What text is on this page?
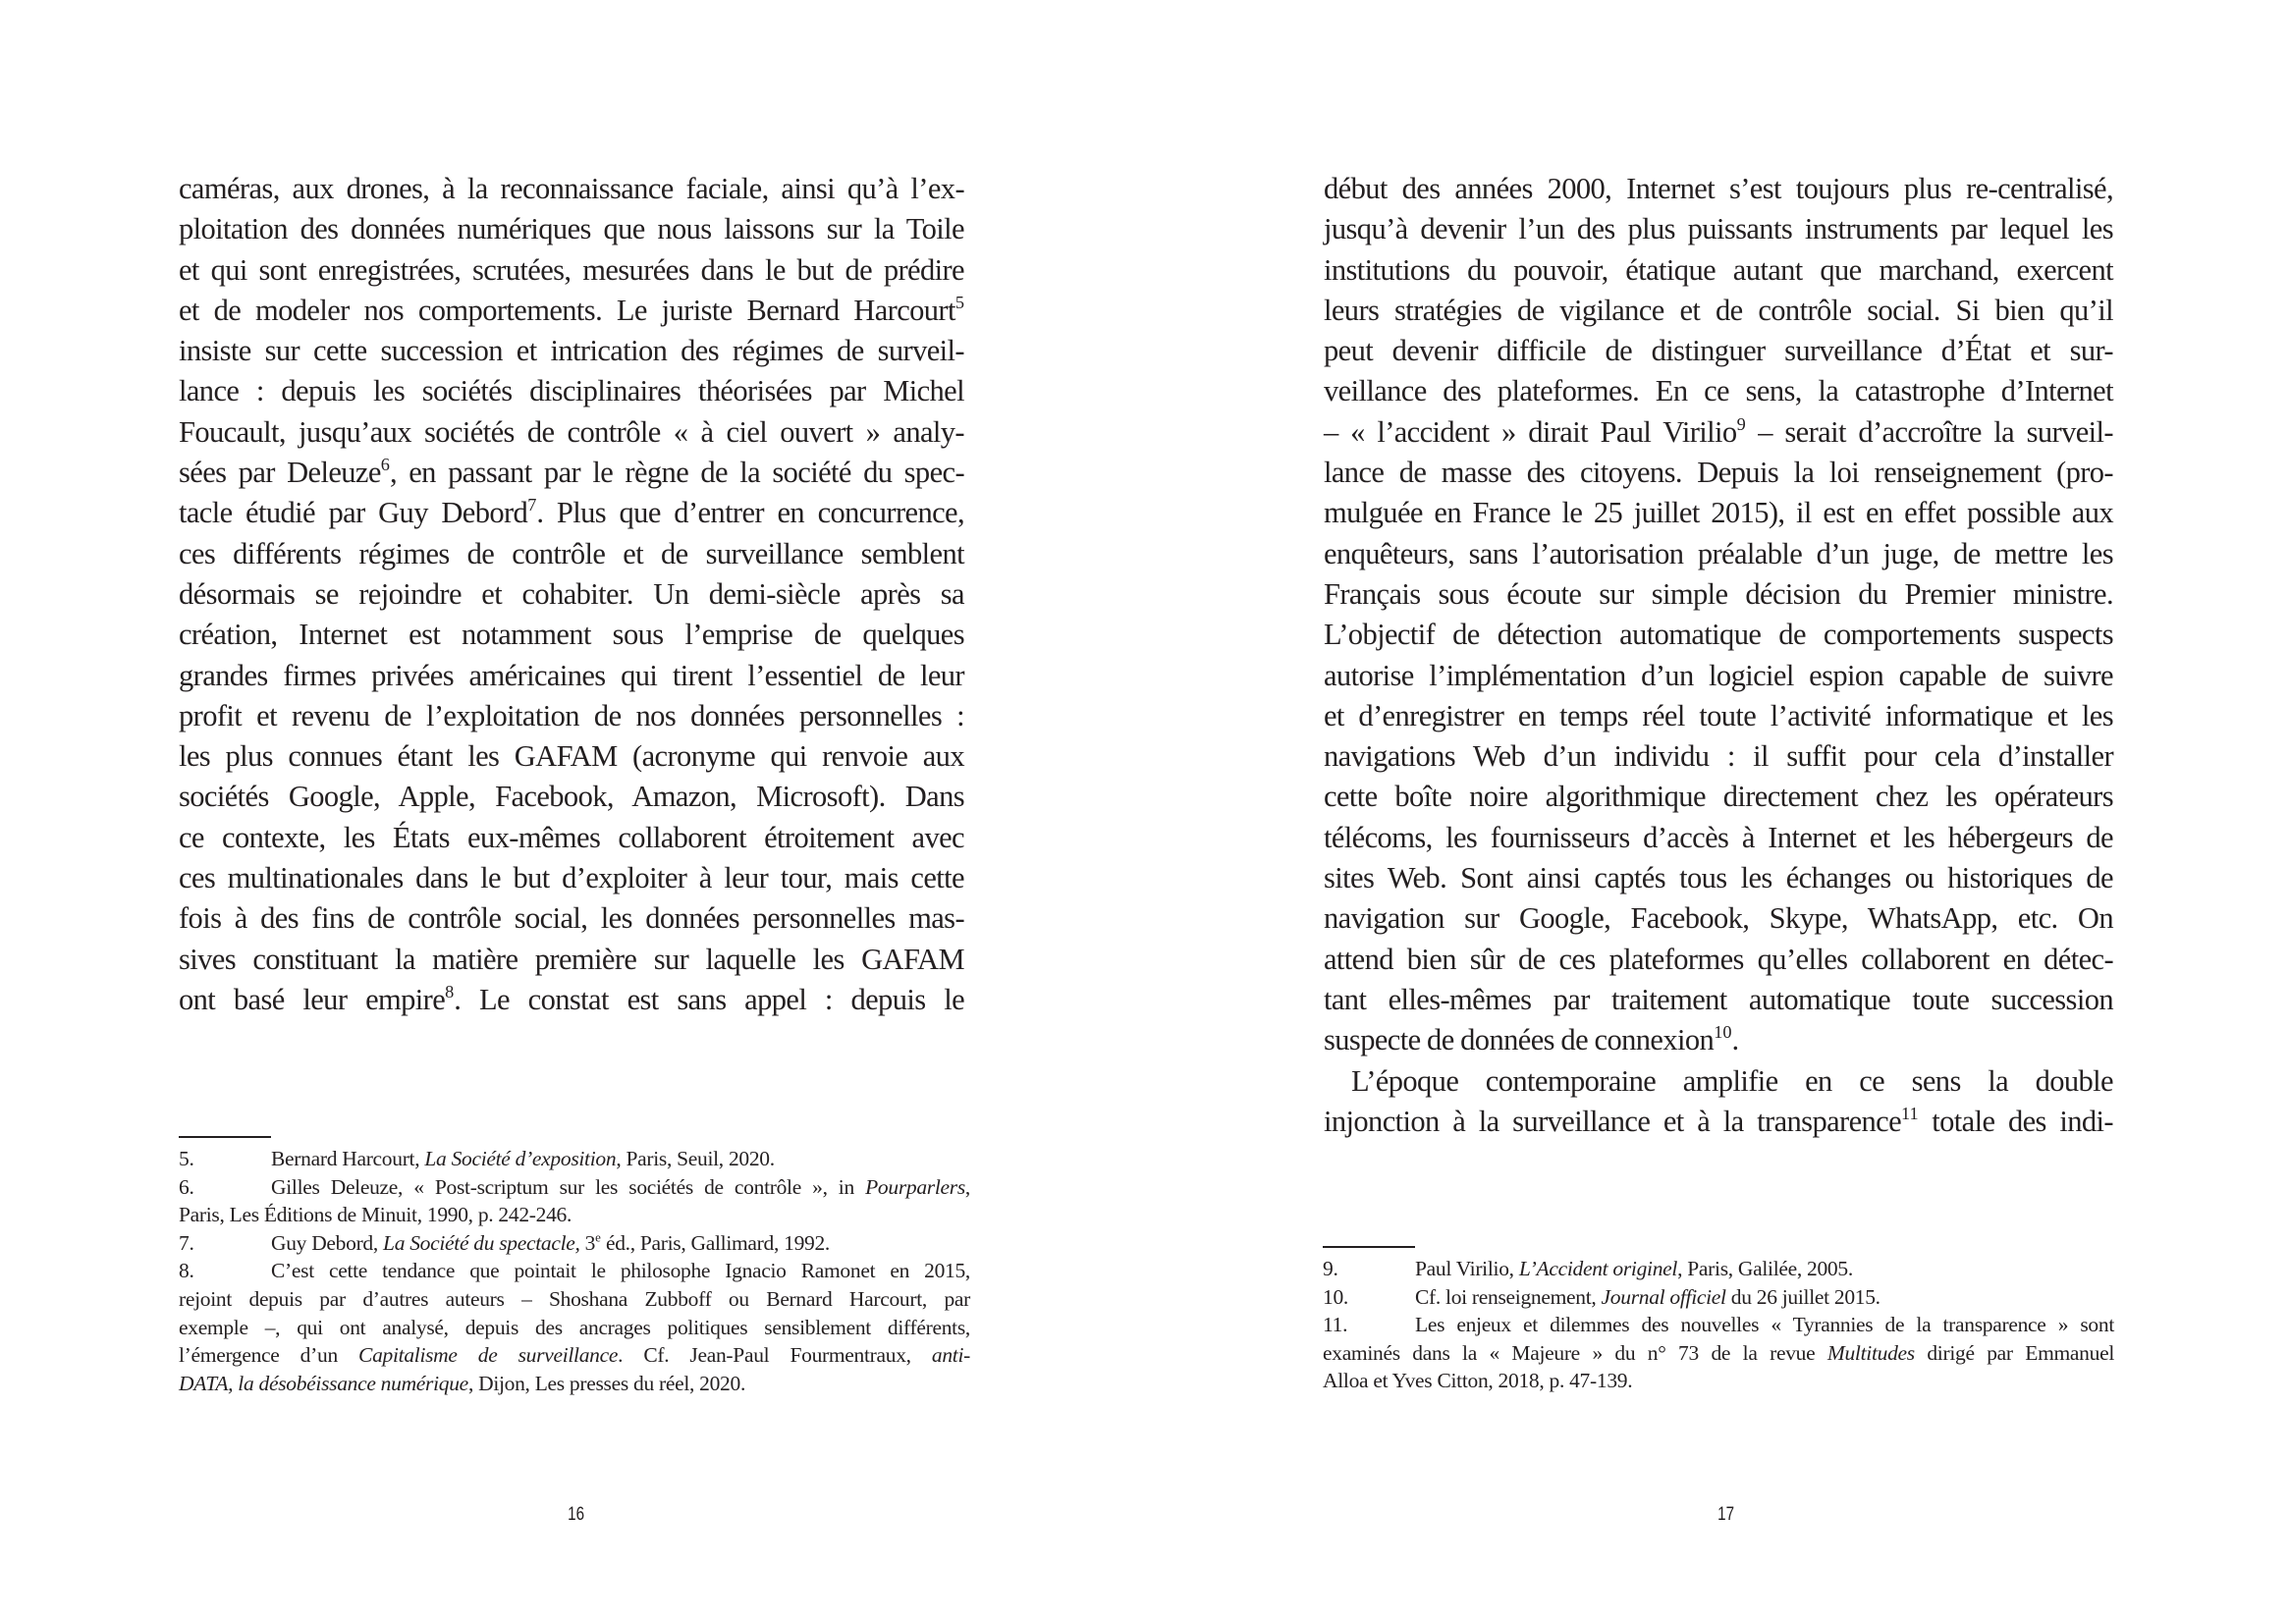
caméras, aux drones, à la reconnaissance faciale, ainsi qu’à l’ex-
ploitation des données numériques que nous laissons sur la Toile
et qui sont enregistrées, scrutées, mesurées dans le but de prédire
et de modeler nos comportements. Le juriste Bernard Harcourt$^5$
insiste sur cette succession et intrication des régimes de surveil-
lance : depuis les sociétés disciplinaires théorisées par Michel
Foucault, jusqu’aux sociétés de contrôle « à ciel ouvert » analy-
sées par Deleuze$^6$, en passant par le règne de la société du spec-
tacle étudié par Guy Debord$^7$. Plus que d’entrer en concurrence,
ces différents régimes de contrôle et de surveillance semblent
désormais se rejoindre et cohabiter. Un demi-siècle après sa
création, Internet est notamment sous l’emprise de quelques
grandes firmes privées américaines qui tirent l’essentiel de leur
profit et revenu de l’exploitation de nos données personnelles :
les plus connues étant les GAFAM (acronyme qui renvoie aux
sociétés Google, Apple, Facebook, Amazon, Microsoft). Dans
ce contexte, les États eux-mêmes collaborent étroitement avec
ces multinationales dans le but d’exploiter à leur tour, mais cette
fois à des fins de contrôle social, les données personnelles mas-
sives constituant la matière première sur laquelle les GAFAM
ont basé leur empire$^8$. Le constat est sans appel : depuis le
5.	Bernard Harcourt, La Société d’exposition, Paris, Seuil, 2020.
6.	Gilles Deleuze, « Post-scriptum sur les sociétés de contrôle », in Pourparlers,
Paris, Les Éditions de Minuit, 1990, p. 242-246.
7.	Guy Debord, La Société du spectacle, 3e éd., Paris, Gallimard, 1992.
8.	C’est cette tendance que pointait le philosophe Ignacio Ramonet en 2015,
rejoint depuis par d’autres auteurs – Shoshana Zubboff ou Bernard Harcourt, par
exemple –, qui ont analysé, depuis des ancrages politiques sensiblement différents,
l’émergence d’un Capitalisme de surveillance. Cf. Jean-Paul Fourmentraux, anti-
DATA, la désobéissance numérique, Dijon, Les presses du réel, 2020.
16
début des années 2000, Internet s’est toujours plus re-centralisé,
jusqu’à devenir l’un des plus puissants instruments par lequel les
institutions du pouvoir, étatique autant que marchand, exercent
leurs stratégies de vigilance et de contrôle social. Si bien qu’il
peut devenir difficile de distinguer surveillance d’État et sur-
veillance des plateformes. En ce sens, la catastrophe d’Internet
– « l’accident » dirait Paul Virilio$^9$ – serait d’accroître la surveil-
lance de masse des citoyens. Depuis la loi renseignement (pro-
mulguée en France le 25 juillet 2015), il est en effet possible aux
enquêteurs, sans l’autorisation préalable d’un juge, de mettre les
Français sous écoute sur simple décision du Premier ministre.
L’objectif de détection automatique de comportements suspects
autorise l’implémentation d’un logiciel espion capable de suivre
et d’enregistrer en temps réel toute l’activité informatique et les
navigations Web d’un individu : il suffit pour cela d’installer
cette boîte noire algorithmique directement chez les opérateurs
télécoms, les fournisseurs d’accès à Internet et les hébergeurs de
sites Web. Sont ainsi captés tous les échanges ou historiques de
navigation sur Google, Facebook, Skype, WhatsApp, etc. On
attend bien sûr de ces plateformes qu’elles collaborent en détec-
tant elles-mêmes par traitement automatique toute succession
suspecte de données de connexion$^{10}$.
L’époque contemporaine amplifie en ce sens la double
injonction à la surveillance et à la transparence$^{11}$ totale des indi-
9.	Paul Virilio, L’Accident originel, Paris, Galilée, 2005.
10.	Cf. loi renseignement, Journal officiel du 26 juillet 2015.
11.	Les enjeux et dilemmes des nouvelles « Tyrannies de la transparence » sont
examinés dans la « Majeure » du n° 73 de la revue Multitudes dirigé par Emmanuel
Alloa et Yves Citton, 2018, p. 47-139.
17
